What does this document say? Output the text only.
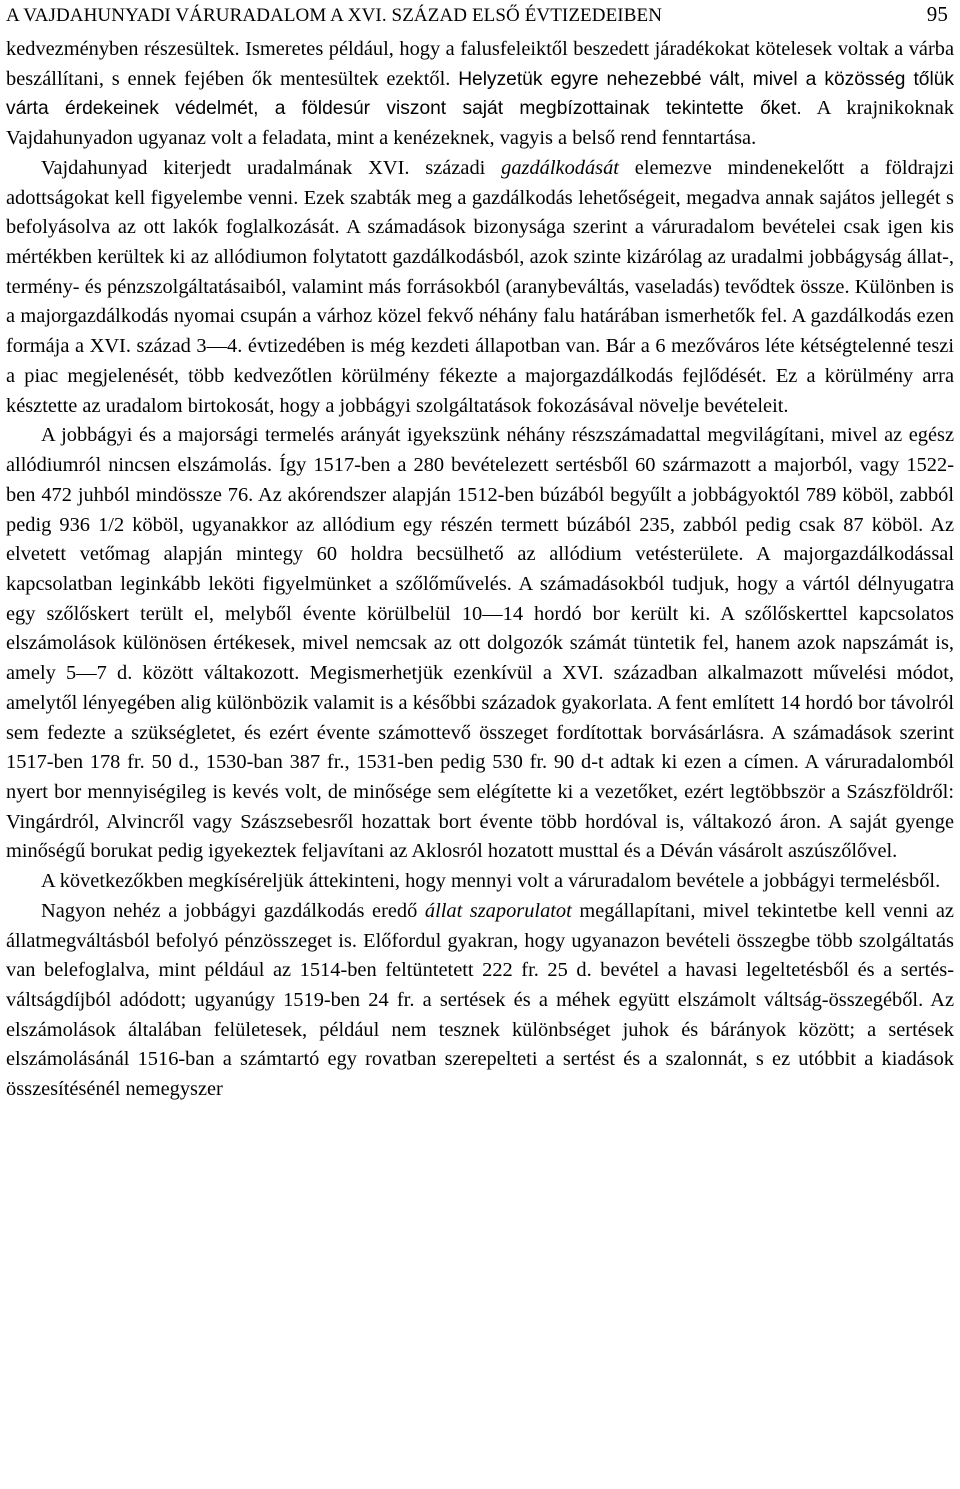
A VAJDAHUNYADI VÁRURADALOM A XVI. SZÁZAD ELSŐ ÉVTIZEDEIBEN	95

kedvezményben részesültek. Ismeretes például, hogy a falusfeleiktől beszedett járadékokat kötelesek voltak a várba beszállítani, s ennek fejében ők mentesültek ezektől. Helyzetük egyre nehezebbé vált, mivel a közösség tőlük várta érdekeinek védelmét, a földesúr viszont saját megbízottainak tekintette őket. A krajnikoknak Vajdahunyadon ugyanaz volt a feladata, mint a kenézeknek, vagyis a belső rend fenntartása.

Vajdahunyad kiterjedt uradalmának XVI. századi gazdálkodását elemezve mindenekelőtt a földrajzi adottságokat kell figyelembe venni. Ezek szabták meg a gazdálkodás lehetőségeit, megadva annak sajátos jellegét s befolyásolva az ott lakók foglalkozását. A számadások bizonysága szerint a váruradalom bevételei csak igen kis mértékben kerültek ki az allódiumon folytatott gazdálkodásból, azok szinte kizárólag az uradalmi jobbágyság állat-, termény- és pénzszolgáltatásaiból, valamint más forrásokból (aranybeváltás, vaseladás) tevődtek össze. Különben is a majorgazdálkodás nyomai csupán a várhoz közel fekvő néhány falu határában ismerhetők fel. A gazdálkodás ezen formája a XVI. század 3—4. évtizedében is még kezdeti állapotban van. Bár a 6 mezőváros léte kétségtelenné teszi a piac megjelenését, több kedvezőtlen körülmény fékezte a majorgazdálkodás fejlődését. Ez a körülmény arra késztette az uradalom birtokosát, hogy a jobbágyi szolgáltatások fokozásával növelje bevételeit.

A jobbágyi és a majorsági termelés arányát igyekszünk néhány részszámadattal megvilágítani, mivel az egész allódiumról nincsen elszámolás. Így 1517-ben a 280 bevételezett sertésből 60 származott a majorból, vagy 1522-ben 472 juhból mindössze 76. Az akórendszer alapján 1512-ben búzából begyűlt a jobbágyoktól 789 köböl, zabból pedig 936 1/2 köböl, ugyanakkor az allódium egy részén termett búzából 235, zabból pedig csak 87 köböl. Az elvetett vetőmag alapján mintegy 60 holdra becsülhető az allódium vetésterülete. A majorgazdálkodással kapcsolatban leginkább leköti figyelmünket a szőlőművelés. A számadásokból tudjuk, hogy a vártól délnyugatra egy szőlőskert terült el, melyből évente körülbelül 10—14 hordó bor került ki. A szőlőskerttel kapcsolatos elszámolások különösen értékesek, mivel nemcsak az ott dolgozók számát tüntetik fel, hanem azok napszámát is, amely 5—7 d. között váltakozott. Megismerhetjük ezenkívül a XVI. században alkalmazott művelési módot, amelytől lényegében alig különbözik valamit is a későbbi századok gyakorlata. A fent említett 14 hordó bor távolról sem fedezte a szükségletet, és ezért évente számottevő összeget fordítottak borvásárlásra. A számadások szerint 1517-ben 178 fr. 50 d., 1530-ban 387 fr., 1531-ben pedig 530 fr. 90 d-t adtak ki ezen a címen. A váruradalomból nyert bor mennyiségileg is kevés volt, de minősége sem elégítette ki a vezetőket, ezért legtöbbször a Szászföldről: Vingárdról, Alvincről vagy Szászsebesről hozattak bort évente több hordóval is, váltakozó áron. A saját gyenge minőségű borukat pedig igyekeztek feljavítani az Aklosról hozatott musttal és a Déván vásárolt aszúszőlővel.

A következőkben megkíséreljük áttekinteni, hogy mennyi volt a váruradalom bevétele a jobbágyi termelésből.

Nagyon nehéz a jobbágyi gazdálkodás eredő állat szaporulatot megállapítani, mivel tekintetbe kell venni az állatmegváltásból befolyó pénzösszeget is. Előfordul gyakran, hogy ugyanazon bevételi összegbe több szolgáltatás van belefoglalva, mint például az 1514-ben feltüntetett 222 fr. 25 d. bevétel a havasi legeltetésből és a sertés-váltságdíjból adódott; ugyanúgy 1519-ben 24 fr. a sertések és a méhek együtt elszámolt váltság-összegéből. Az elszámolások általában felületesek, például nem tesznek különbséget juhok és bárányok között; a sertések elszámolásánál 1516-ban a számtartó egy rovatban szerepelteti a sertést és a szalonnát, s ez utóbbit a kiadások összesítésénél nemegyszer
